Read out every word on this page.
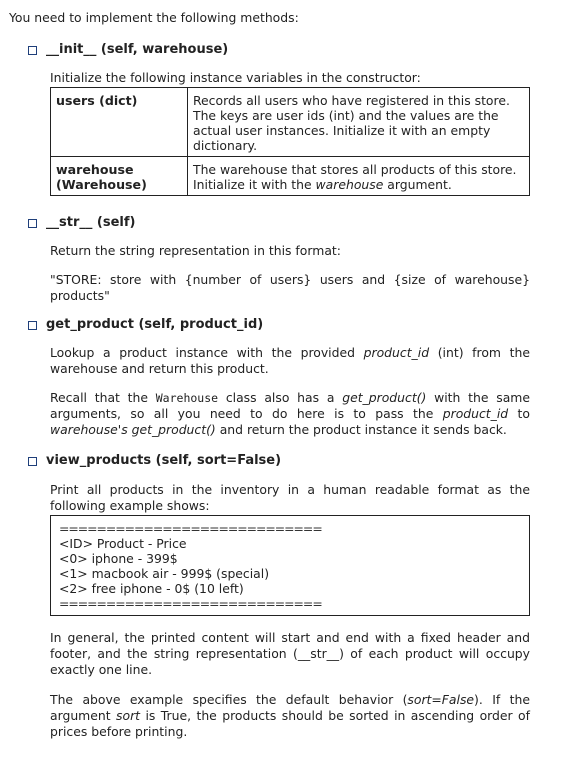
You need to implement the following methods:
__init__ (self, warehouse)
Initialize the following instance variables in the constructor:
users (dict)	Records all users who have registered in this store. The keys are user ids (int) and the values are the actual user instances. Initialize it with an empty dictionary.
warehouse (Warehouse)	The warehouse that stores all products of this store. Initialize it with the warehouse argument.
__str__ (self)
Return the string representation in this format:
"STORE: store with {number of users} users and {size of warehouse} products"
get_product (self, product_id)
Lookup a product instance with the provided product_id (int) from the warehouse and return this product.
Recall that the Warehouse class also has a get_product() with the same arguments, so all you need to do here is to pass the product_id to warehouse's get_product() and return the product instance it sends back.
view_products (self, sort=False)
Print all products in the inventory in a human readable format as the following example shows:
============================
<ID> Product - Price
<0> iphone - 399$
<1> macbook air - 999$ (special)
<2> free iphone - 0$ (10 left)
============================
In general, the printed content will start and end with a fixed header and footer, and the string representation (__str__) of each product will occupy exactly one line.
The above example specifies the default behavior (sort=False). If the argument sort is True, the products should be sorted in ascending order of prices before printing.
